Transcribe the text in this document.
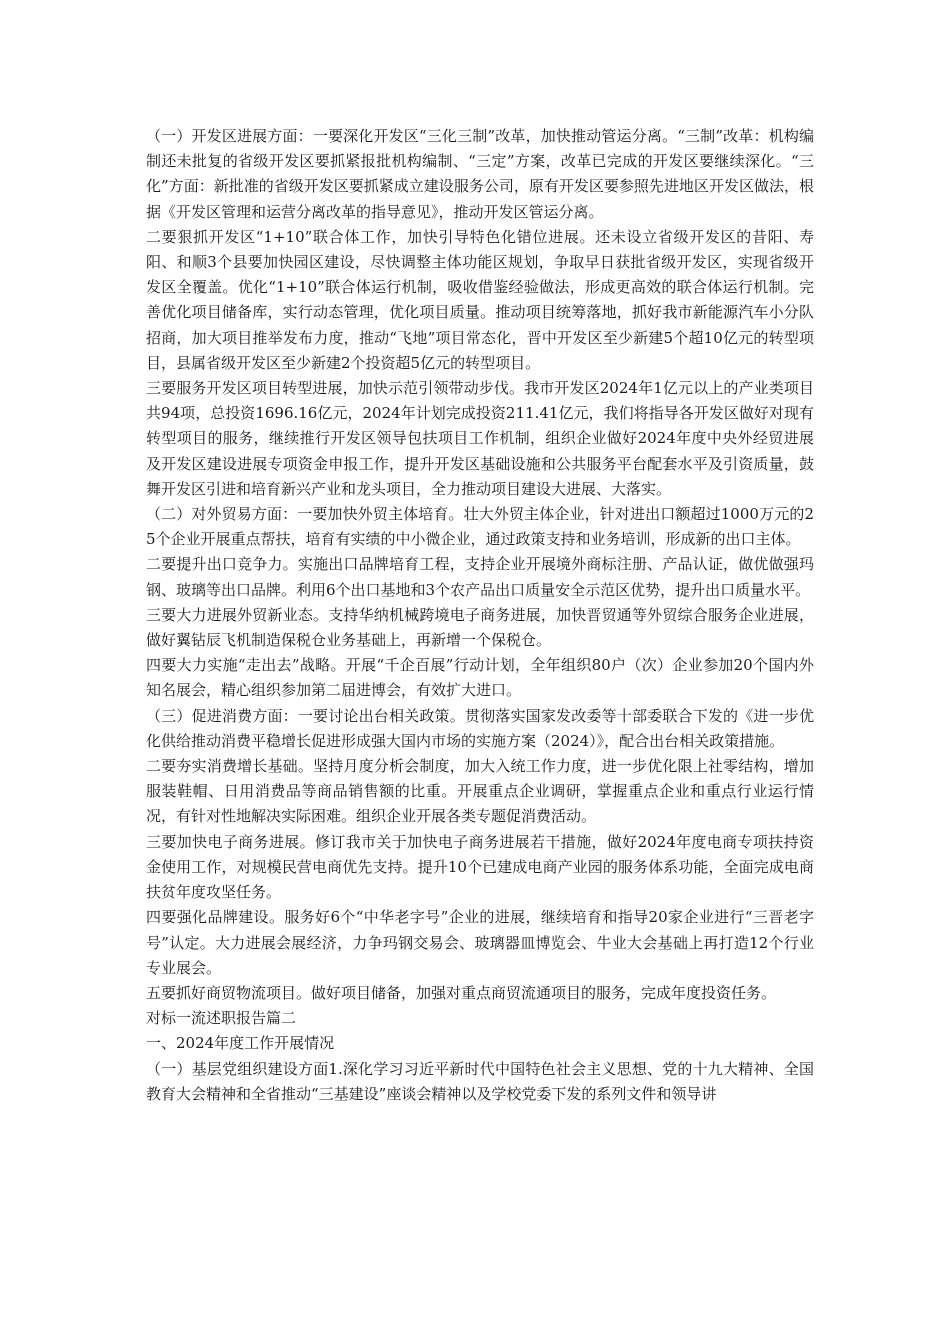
（一）开发区进展方面：一要深化开发区“三化三制”改革，加快推动管运分离。“三制”改革：机构编制还未批复的省级开发区要抓紧报批机构编制、“三定”方案，改革已完成的开发区要继续深化。“三化”方面：新批准的省级开发区要抓紧成立建设服务公司，原有开发区要参照先进地区开发区做法，根据《开发区管理和运营分离改革的指导意见》，推动开发区管运分离。

二要狠抓开发区“1+10”联合体工作，加快引导特色化错位进展。还未设立省级开发区的昔阳、寿阳、和顺3个县要加快园区建设，尽快调整主体功能区规划，争取早日获批省级开发区，实现省级开发区全覆盖。优化“1+10”联合体运行机制，吸收借鉴经验做法，形成更高效的联合体运行机制。完善优化项目储备库，实行动态管理，优化项目质量。推动项目统筹落地，抓好我市新能源汽车小分队招商，加大项目推举发布力度，推动“飞地”项目常态化，晋中开发区至少新建5个超10亿元的转型项目，县属省级开发区至少新建2个投资超5亿元的转型项目。

三要服务开发区项目转型进展，加快示范引领带动步伐。我市开发区2024年1亿元以上的产业类项目共94项，总投资1696.16亿元，2024年计划完成投资211.41亿元，我们将指导各开发区做好对现有转型项目的服务，继续推行开发区领导包扶项目工作机制，组织企业做好2024年度中央外经贸进展及开发区建设进展专项资金申报工作，提升开发区基础设施和公共服务平台配套水平及引资质量，鼓舞开发区引进和培育新兴产业和龙头项目，全力推动项目建设大进展、大落实。

（二）对外贸易方面：一要加快外贸主体培育。壮大外贸主体企业，针对进出口额超过1000万元的25个企业开展重点帮扶，培育有实绩的中小微企业，通过政策支持和业务培训，形成新的出口主体。

二要提升出口竞争力。实施出口品牌培育工程，支持企业开展境外商标注册、产品认证，做优做强玛钢、玻璃等出口品牌。利用6个出口基地和3个农产品出口质量安全示范区优势，提升出口质量水平。

三要大力进展外贸新业态。支持华纳机械跨境电子商务进展，加快晋贸通等外贸综合服务企业进展，做好翼钻辰飞机制造保税仓业务基础上，再新增一个保税仓。

四要大力实施“走出去”战略。开展“千企百展”行动计划，全年组织80户（次）企业参加20个国内外知名展会，精心组织参加第二届进博会，有效扩大进口。

（三）促进消费方面：一要讨论出台相关政策。贯彻落实国家发改委等十部委联合下发的《进一步优化供给推动消费平稳增长促进形成强大国内市场的实施方案（2024）》，配合出台相关政策措施。

二要夯实消费增长基础。坚持月度分析会制度，加大入统工作力度，进一步优化限上社零结构，增加服装鞋帽、日用消费品等商品销售额的比重。开展重点企业调研，掌握重点企业和重点行业运行情况，有针对性地解决实际困难。组织企业开展各类专题促消费活动。

三要加快电子商务进展。修订我市关于加快电子商务进展若干措施，做好2024年度电商专项扶持资金使用工作，对规模民营电商优先支持。提升10个已建成电商产业园的服务体系功能，全面完成电商扶贫年度攻坚任务。

四要强化品牌建设。服务好6个“中华老字号”企业的进展，继续培育和指导20家企业进行“三晋老字号”认定。大力进展会展经济，力争玛钢交易会、玻璃器皿博览会、牛业大会基础上再打造12个行业专业展会。

五要抓好商贸物流项目。做好项目储备，加强对重点商贸流通项目的服务，完成年度投资任务。

对标一流述职报告篇二

一、2024年度工作开展情况

（一）基层党组织建设方面1.深化学习习近平新时代中国特色社会主义思想、党的十九大精神、全国教育大会精神和全省推动“三基建设”座谈会精神以及学校党委下发的系列文件和领导讲
